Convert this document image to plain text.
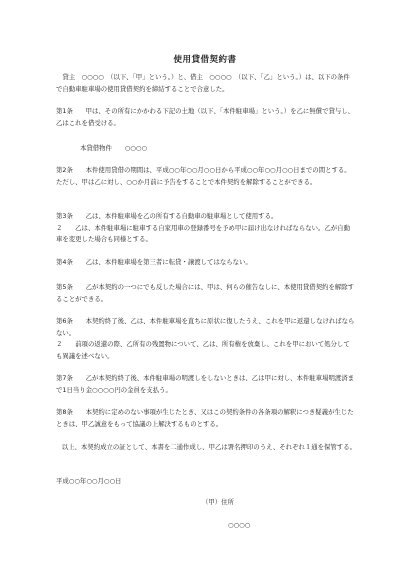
使用貸借契約書
　貸主　○○○○　（以下、「甲」という。）と、借主　○○○○　（以下、「乙」という。）は、以下の条件で自動車駐車場の使用貸借契約を締結することで合意した。
第1条　　甲は、その所有にかかわる下記の土地（以下、「本件駐車場」という。）を乙に無償で貸与し、乙はこれを借受ける。
本貸借物件　　○○○○
第2条　　本件使用貸借の期間は、平成○○年○○月○○日から平成○○年○○月○○日までの間とする。ただし、甲は乙に対し、○○か月前に予告をすることで本件契約を解除することができる。
第3条　　乙は、本件駐車場を乙の所有する自動車の駐車場として使用する。
２　　乙は、本件駐車場に駐車する自家用車の登録番号を予め甲に届け出なければならない。乙が自動車を変更した場合も同様とする。
第4条　　乙は、本件駐車場を第三者に転貸・譲渡してはならない。
第5条　　乙が本契約の一つにでも反した場合には、甲は、何らの催告なしに、本使用貸借契約を解除することができる。
第6条　　本契約終了後、乙は、本件駐車場を直ちに原状に復したうえ、これを甲に返還しなければならない。
２　　前項の返還の際、乙所有の残置物について、乙は、所有権を放棄し、これを甲において処分しても異議を述べない。
第7条　　乙が本契約終了後、本件駐車場の明渡しをしないときは、乙は甲に対し、本件駐車場明渡済まで1日当り金○○○○円の金員を支払う。
第8条　　本契約に定めのない事項が生じたとき、又はこの契約条件の各条項の解釈につき疑義が生じたときは、甲乙誠意をもって協議の上解決するものとする。
以上、本契約成立の証として、本書を二通作成し、甲乙は署名押印のうえ、それぞれ１通を保管する。
平成○○年○○月○○日
（甲）住所
○○○○
